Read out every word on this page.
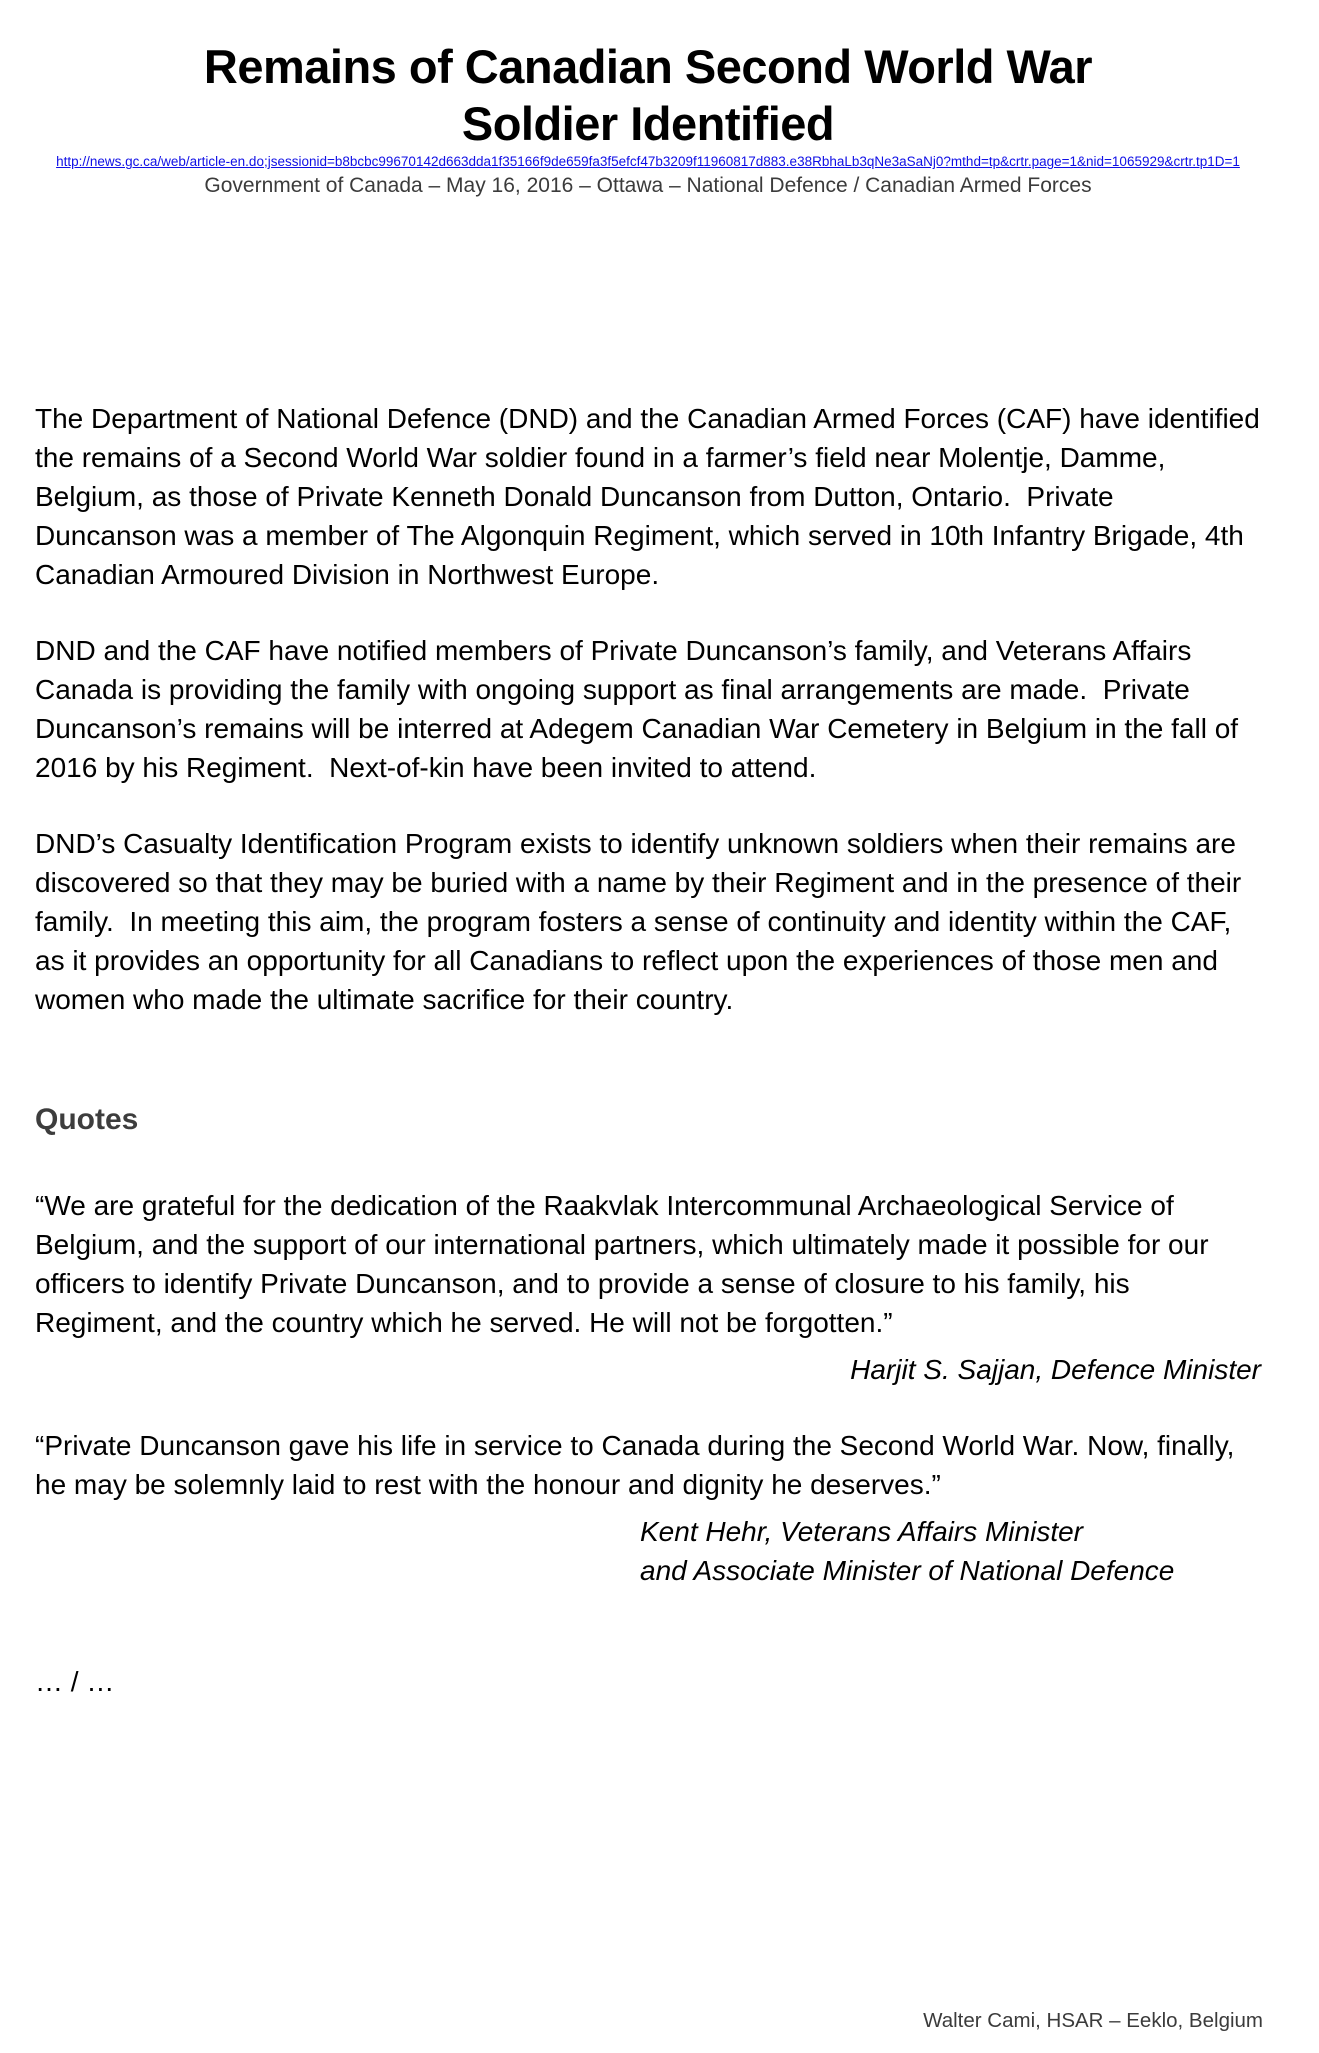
Remains of Canadian Second World War Soldier Identified
http://news.gc.ca/web/article-en.do;jsessionid=b8bcbc99670142d663dda1f35166f9de659fa3f5efcf47b3209f11960817d883.e38RbhaLb3qNe3aSaNj0?mthd=tp&crtr.page=1&nid=1065929&crtr.tp1D=1
Government of Canada – May 16, 2016 – Ottawa – National Defence / Canadian Armed Forces

The Department of National Defence (DND) and the Canadian Armed Forces (CAF) have identified the remains of a Second World War soldier found in a farmer’s field near Molentje, Damme, Belgium, as those of Private Kenneth Donald Duncanson from Dutton, Ontario.  Private Duncanson was a member of The Algonquin Regiment, which served in 10th Infantry Brigade, 4th Canadian Armoured Division in Northwest Europe.

DND and the CAF have notified members of Private Duncanson’s family, and Veterans Affairs Canada is providing the family with ongoing support as final arrangements are made.  Private Duncanson’s remains will be interred at Adegem Canadian War Cemetery in Belgium in the fall of 2016 by his Regiment.  Next-of-kin have been invited to attend.

DND’s Casualty Identification Program exists to identify unknown soldiers when their remains are discovered so that they may be buried with a name by their Regiment and in the presence of their family.  In meeting this aim, the program fosters a sense of continuity and identity within the CAF, as it provides an opportunity for all Canadians to reflect upon the experiences of those men and women who made the ultimate sacrifice for their country.

Quotes

“We are grateful for the dedication of the Raakvlak Intercommunal Archaeological Service of Belgium, and the support of our international partners, which ultimately made it possible for our officers to identify Private Duncanson, and to provide a sense of closure to his family, his Regiment, and the country which he served. He will not be forgotten.”

Harjit S. Sajjan, Defence Minister

“Private Duncanson gave his life in service to Canada during the Second World War. Now, finally, he may be solemnly laid to rest with the honour and dignity he deserves.”

Kent Hehr, Veterans Affairs Minister
and Associate Minister of National Defence

… / …

Walter Cami, HSAR – Eeklo, Belgium
